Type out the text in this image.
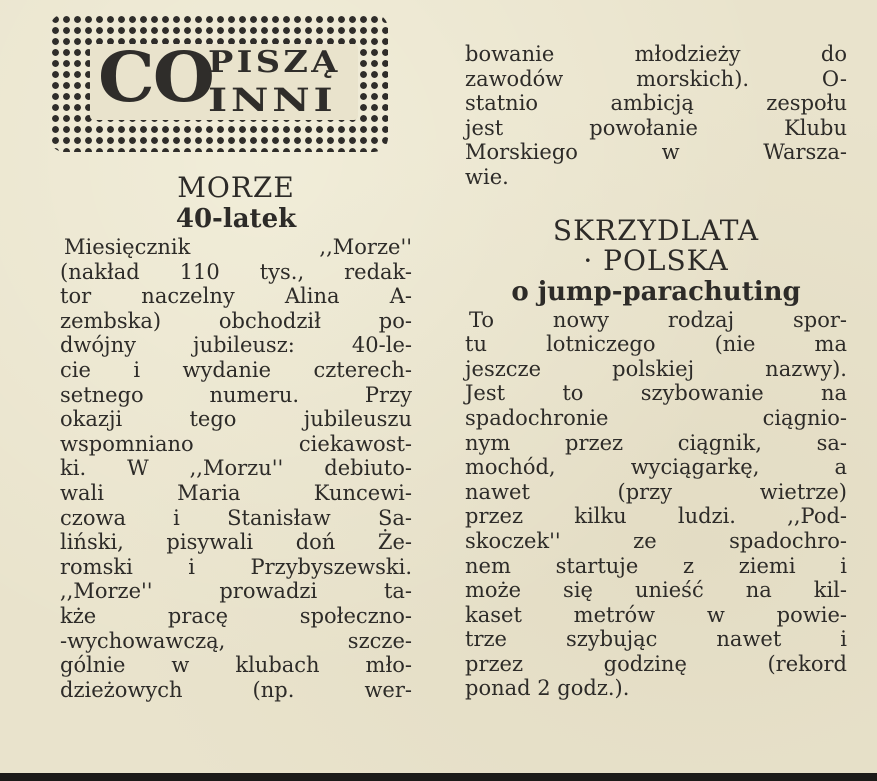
CO
PISZĄ
INNI
MORZE
40-latek
Miesięcznik ,,Morze''
(nakład 110 tys., redak-
tor naczelny Alina A-
zembska) obchodził po-
dwójny jubileusz: 40-le-
cie i wydanie czterech-
setnego numeru. Przy
okazji tego jubileuszu
wspomniano ciekawost-
ki. W ,,Morzu'' debiuto-
wali Maria Kuncewi-
czowa i Stanisław Sa-
liński, pisywali doń Że-
romski i Przybyszewski.
,,Morze'' prowadzi ta-
kże pracę społeczno-
-wychowawczą, szcze-
gólnie w klubach mło-
dzieżowych (np. wer-
bowanie młodzieży do
zawodów morskich). O-
statnio ambicją zespołu
jest powołanie Klubu
Morskiego w Warsza-
wie.
SKRZYDLATA
· POLSKA
o jump-parachuting
To nowy rodzaj spor-
tu lotniczego (nie ma
jeszcze polskiej nazwy).
Jest to szybowanie na
spadochronie ciągnio-
nym przez ciągnik, sa-
mochód, wyciągarkę, a
nawet (przy wietrze)
przez kilku ludzi. ,,Pod-
skoczek'' ze spadochro-
nem startuje z ziemi i
może się unieść na kil-
kaset metrów w powie-
trze szybując nawet i
przez godzinę (rekord
ponad 2 godz.).
